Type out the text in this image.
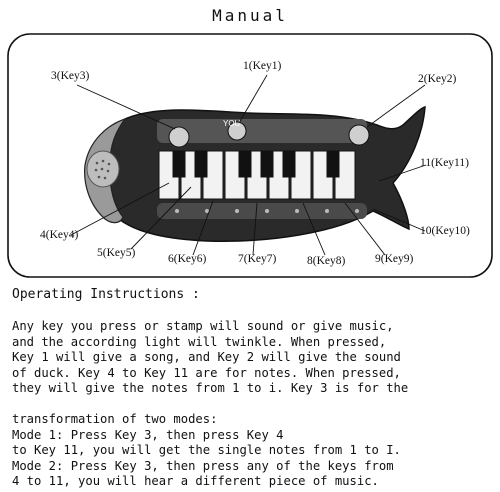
Manual
YOU
1(Key1)
2(Key2)
3(Key3)
4(Key4)
5(Key5)	6(Key6)	7(Key7)	8(Key8)	9(Key9)
10(Key10)
11(Key11)
Operating Instructions :
Any key you press or stamp will sound or give music,
and the according light will twinkle. When pressed,
Key 1 will give a song, and Key 2 will give the sound
of duck. Key 4 to Key 11 are for notes. When pressed,
they will give the notes from 1 to i. Key 3 is for the
transformation of two modes:
Mode 1: Press Key 3, then press Key 4
to Key 11, you will get the single notes from 1 to I.
Mode 2: Press Key 3, then press any of the keys from
4 to 11, you will hear a different piece of music.
